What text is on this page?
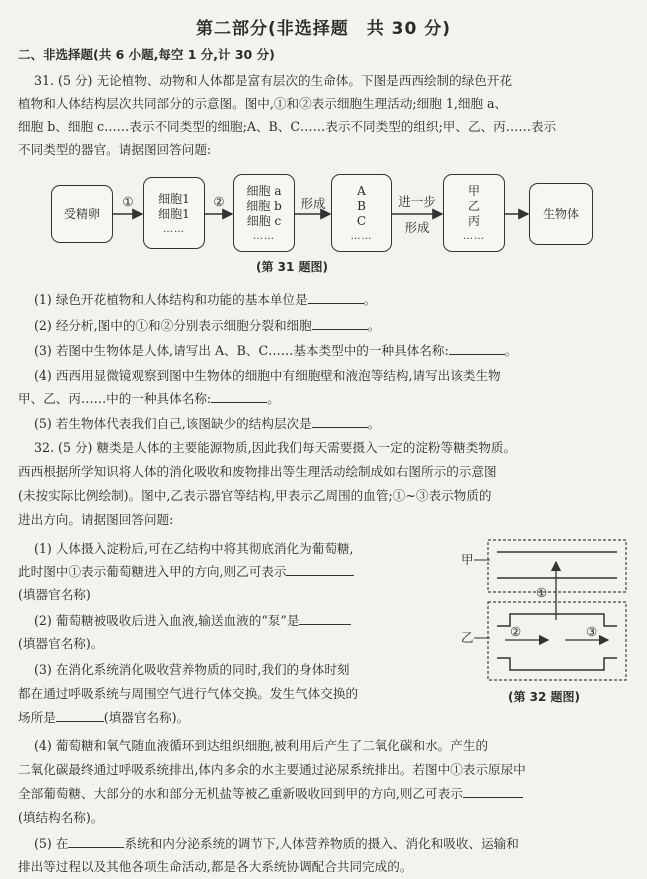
第二部分(非选择题　共 30 分)
二、非选择题(共 6 小题,每空 1 分,计 30 分)
31. (5 分) 无论植物、动物和人体都是富有层次的生命体。下图是西西绘制的绿色开花
植物和人体结构层次共同部分的示意图。图中,①和②表示细胞生理活动;细胞 1,细胞 a、
细胞 b、细胞 c……表示不同类型的细胞;A、B、C……表示不同类型的组织;甲、乙、丙……表示
不同类型的器官。请据图回答问题:
受精卵
①	细胞1
细胞1
……
②
细胞 a
细胞 b
细胞 c
……
形成
A
B
C
……
进一步
形成
甲
乙
丙
……
生物体
(第 31 题图)
(1) 绿色开花植物和人体结构和功能的基本单位是	。
(2) 经分析,图中的①和②分别表示细胞分裂和细胞	。
(3) 若图中生物体是人体,请写出 A、B、C……基本类型中的一种具体名称:	。
(4) 西西用显微镜观察到图中生物体的细胞中有细胞壁和液泡等结构,请写出该类生物
甲、乙、丙……中的一种具体名称:	。
(5) 若生物体代表我们自己,该图缺少的结构层次是	。
32. (5 分) 糖类是人体的主要能源物质,因此我们每天需要摄入一定的淀粉等糖类物质。
西西根据所学知识将人体的消化吸收和废物排出等生理活动绘制成如右图所示的示意图
(未按实际比例绘制)。图中,乙表示器官等结构,甲表示乙周围的血管;①~③表示物质的
进出方向。请据图回答问题:
(1) 人体摄入淀粉后,可在乙结构中将其彻底消化为葡萄糖,
此时图中①表示葡萄糖进入甲的方向,则乙可表示
(填器官名称)
(2) 葡萄糖被吸收后进入血液,输送血液的“泵”是
(填器官名称)。
(3) 在消化系统消化吸收营养物质的同时,我们的身体时刻
都在通过呼吸系统与周围空气进行气体交换。发生气体交换的
场所是	(填器官名称)。
甲
乙
①
②	③
(第 32 题图)
(4) 葡萄糖和氧气随血液循环到达组织细胞,被利用后产生了二氧化碳和水。产生的
二氧化碳最终通过呼吸系统排出,体内多余的水主要通过泌尿系统排出。若图中①表示原尿中
全部葡萄糖、大部分的水和部分无机盐等被乙重新吸收回到甲的方向,则乙可表示
(填结构名称)。
(5) 在	系统和内分泌系统的调节下,人体营养物质的摄入、消化和吸收、运输和
排出等过程以及其他各项生命活动,都是各大系统协调配合共同完成的。
